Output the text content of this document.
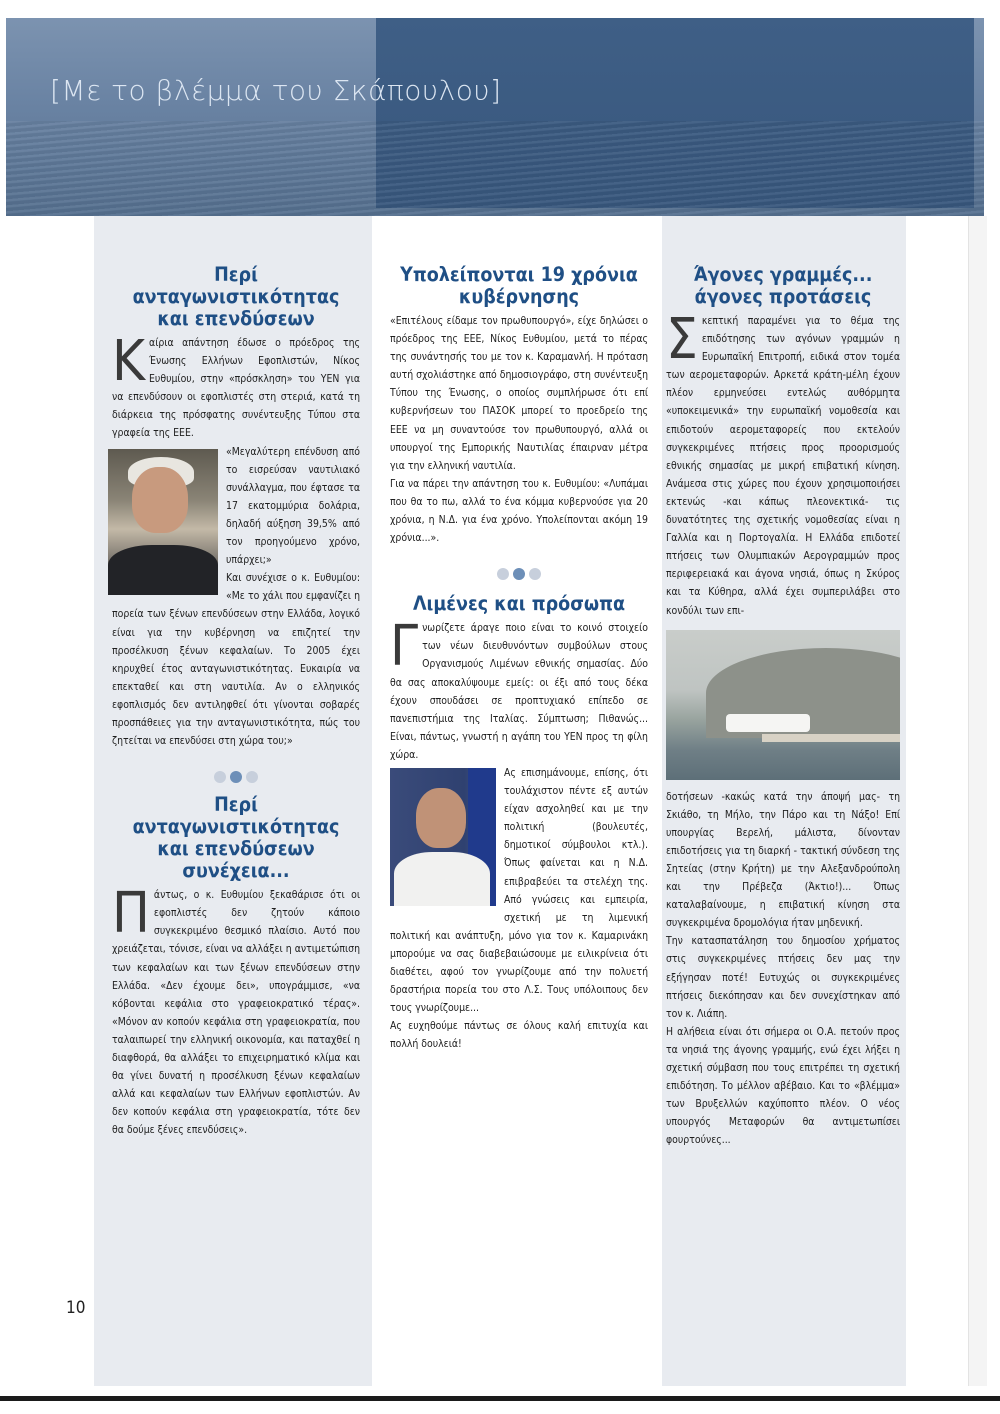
[Με το βλέμμα του Σκάπουλου]
Περί ανταγωνιστικότητας
και επενδύσεων
Κ αίρια απάντηση έδωσε ο πρόεδρος της Ένωσης Ελλήνων Εφοπλιστών, Νίκος Ευθυμίου, στην «πρόσκληση» του ΥΕΝ για να επενδύσουν οι εφοπλιστές στη στεριά, κατά τη διάρκεια της πρόσφατης συνέντευξης Τύπου στα γραφεία της ΕΕΕ.

«Μεγαλύτερη επένδυση από το εισρεύσαν ναυτιλιακό συνάλλαγμα, που έφτασε τα 17 εκατομμύρια δολάρια, δηλαδή αύξηση 39,5% από τον προηγούμενο χρόνο, υπάρχει;»

Και συνέχισε ο κ. Ευθυμίου: «Με το χάλι που εμφανίζει η πορεία των ξένων επενδύσεων στην Ελλάδα, λογικό είναι για την κυβέρνηση να επιζητεί την προσέλκυση ξένων κεφαλαίων. Το 2005 έχει κηρυχθεί έτος ανταγωνιστικότητας. Ευκαιρία να επεκταθεί και στη ναυτιλία. Αν ο ελληνικός εφοπλισμός δεν αντιληφθεί ότι γίνονται σοβαρές προσπάθειες για την ανταγωνιστικότητα, πώς του ζητείται να επενδύσει στη χώρα του;»

Περί ανταγωνιστικότητας
και επενδύσεων
συνέχεια...
Π άντως, ο κ. Ευθυμίου ξεκαθάρισε ότι οι εφοπλιστές δεν ζητούν κάποιο συγκεκριμένο θεσμικό πλαίσιο. Αυτό που χρειάζεται, τόνισε, είναι να αλλάξει η αντιμετώπιση των κεφαλαίων και των ξένων επενδύσεων στην Ελλάδα. «Δεν έχουμε δει», υπογράμμισε, «να κόβονται κεφάλια στο γραφειοκρατικό τέρας». «Μόνον αν κοπούν κεφάλια στη γραφειοκρατία, που ταλαιπωρεί την ελληνική οικονομία, και παταχθεί η διαφθορά, θα αλλάξει το επιχειρηματικό κλίμα και θα γίνει δυνατή η προσέλκυση ξένων κεφαλαίων αλλά και κεφαλαίων των Ελλήνων εφοπλιστών. Αν δεν κοπούν κεφάλια στη γραφειοκρατία, τότε δεν θα δούμε ξένες επενδύσεις».

Υπολείπονται 19 χρόνια
κυβέρνησης

«Επιτέλους είδαμε τον πρωθυπουργό», είχε δηλώσει ο πρόεδρος της ΕΕΕ, Νίκος Ευθυμίου, μετά το πέρας της συνάντησής του με τον κ. Καραμανλή. Η πρόταση αυτή σχολιάστηκε από δημοσιογράφο, στη συνέντευξη Τύπου της Ένωσης, ο οποίος συμπλήρωσε ότι επί κυβερνήσεων του ΠΑΣΟΚ μπορεί το προεδρείο της ΕΕΕ να μη συναντούσε τον πρωθυπουργό, αλλά οι υπουργοί της Εμπορικής Ναυτιλίας έπαιρναν μέτρα για την ελληνική ναυτιλία.

Για να πάρει την απάντηση του κ. Ευθυμίου: «Λυπάμαι που θα το πω, αλλά το ένα κόμμα κυβερνούσε για 20 χρόνια, η Ν.Δ. για ένα χρόνο. Υπολείπονται ακόμη 19 χρόνια...».

Λιμένες και πρόσωπα
Γ νωρίζετε άραγε ποιο είναι το κοινό στοιχείο των νέων διευθυνόντων συμβούλων στους Οργανισμούς Λιμένων εθνικής σημασίας. Δύο θα σας αποκαλύψουμε εμείς: οι έξι από τους δέκα έχουν σπουδάσει σε προπτυχιακό επίπεδο σε πανεπιστήμια της Ιταλίας. Σύμπτωση; Πιθανώς... Είναι, πάντως, γνωστή η αγάπη του ΥΕΝ προς τη φίλη χώρα.

Ας επισημάνουμε, επίσης, ότι τουλάχιστον πέντε εξ αυτών είχαν ασχοληθεί και με την πολιτική (βουλευτές, δημοτικοί σύμβουλοι κτλ.). Όπως φαίνεται και η Ν.Δ. επιβραβεύει τα στελέχη της. Από γνώσεις και εμπειρία, σχετική με τη λιμενική πολιτική και ανάπτυξη, μόνο για τον κ. Καμαρινάκη μπορούμε να σας διαβεβαιώσουμε με ειλικρίνεια ότι διαθέτει, αφού τον γνωρίζουμε από την πολυετή δραστήρια πορεία του στο Λ.Σ. Τους υπόλοιπους δεν τους γνωρίζουμε...

Ας ευχηθούμε πάντως σε όλους καλή επιτυχία και πολλή δουλειά!

Άγονες γραμμές...
άγονες προτάσεις
Σ κεπτική παραμένει για το θέμα της επιδότησης των αγόνων γραμμών η Ευρωπαϊκή Επιτροπή, ειδικά στον τομέα των αερομεταφορών. Αρκετά κράτη-μέλη έχουν πλέον ερμηνεύσει εντελώς αυθόρμητα «υποκειμενικά» την ευρωπαϊκή νομοθεσία και επιδοτούν αερομεταφορείς που εκτελούν συγκεκριμένες πτήσεις προς προορισμούς εθνικής σημασίας με μικρή επιβατική κίνηση. Ανάμεσα στις χώρες που έχουν χρησιμοποιήσει εκτενώς -και κάπως πλεονεκτικά- τις δυνατότητες της σχετικής νομοθεσίας είναι η Γαλλία και η Πορτογαλία. Η Ελλάδα επιδοτεί πτήσεις των Ολυμπιακών Αερογραμμών προς περιφερειακά και άγονα νησιά, όπως η Σκύρος και τα Κύθηρα, αλλά έχει συμπεριλάβει στο κονδύλι των επι-

δοτήσεων -κακώς κατά την άποψή μας- τη Σκιάθο, τη Μήλο, την Πάρο και τη Νάξο! Επί υπουργίας Βερελή, μάλιστα, δίνονταν επιδοτήσεις για τη διαρκή - τακτική σύνδεση της Σητείας (στην Κρήτη) με την Αλεξανδρούπολη και την Πρέβεζα (Άκτιο!)... Όπως καταλαβαίνουμε, η επιβατική κίνηση στα συγκεκριμένα δρομολόγια ήταν μηδενική.

Την κατασπατάληση του δημοσίου χρήματος στις συγκεκριμένες πτήσεις δεν μας την εξήγησαν ποτέ! Ευτυχώς οι συγκεκριμένες πτήσεις διεκόπησαν και δεν συνεχίστηκαν από τον κ. Λιάπη.

Η αλήθεια είναι ότι σήμερα οι Ο.Α. πετούν προς τα νησιά της άγονης γραμμής, ενώ έχει λήξει η σχετική σύμβαση που τους επιτρέπει τη σχετική επιδότηση. Το μέλλον αβέβαιο. Και το «βλέμμα» των Βρυξελλών καχύποπτο πλέον. Ο νέος υπουργός Μεταφορών θα αντιμετωπίσει φουρτούνες...

10
